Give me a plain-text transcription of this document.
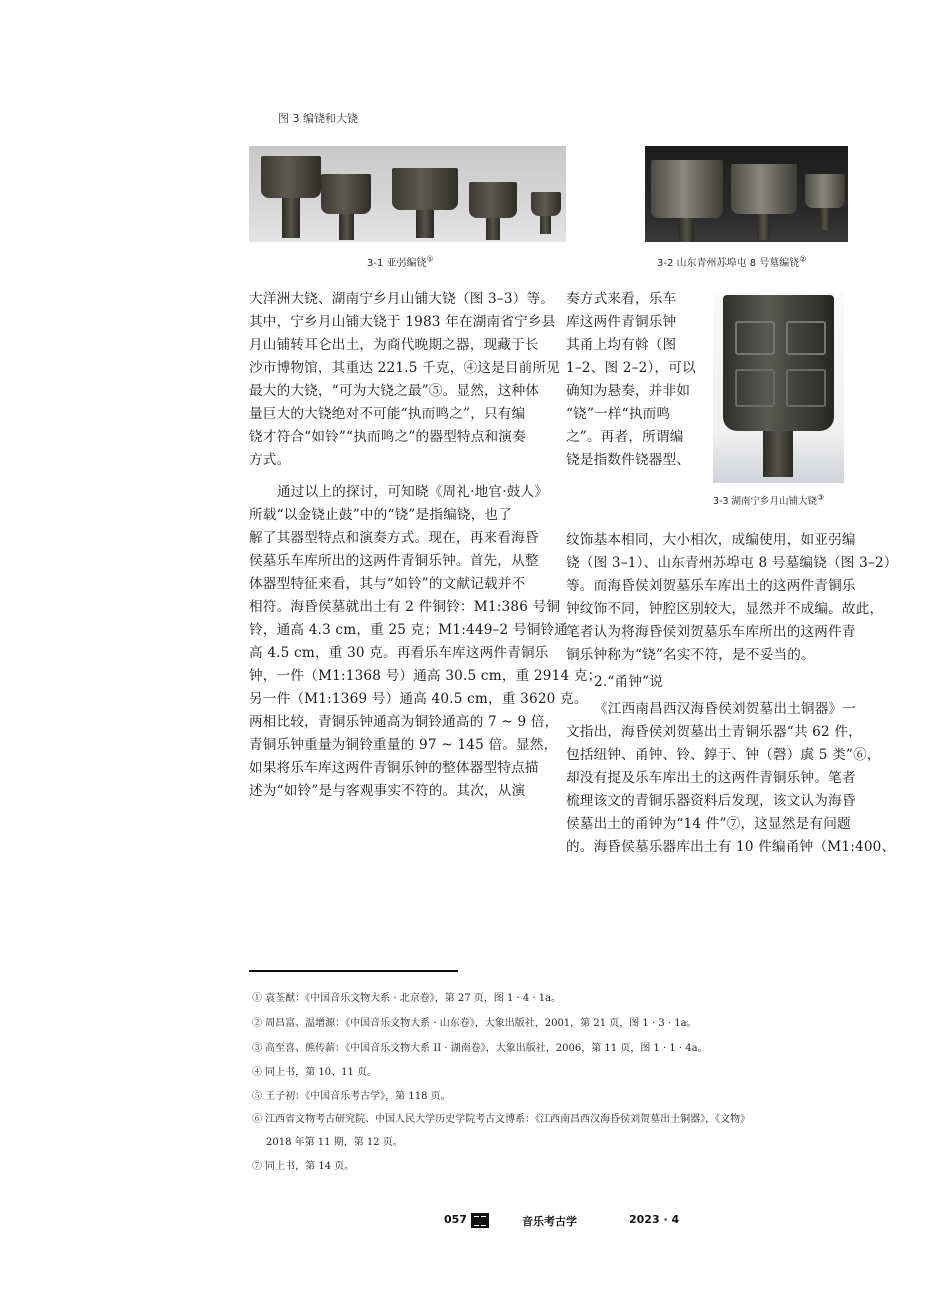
图 3 编铙和大铙
3-1 亚弜编铙①	3-2 山东青州苏埠屯 8 号墓编铙②
3-3 湖南宁乡月山铺大铙③
大洋洲大铙、湖南宁乡月山铺大铙（图 3–3）等。
其中，宁乡月山铺大铙于 1983 年在湖南省宁乡县
月山铺转耳仑出土，为商代晚期之器，现藏于长
沙市博物馆，其重达 221.5 千克，④这是目前所见
最大的大铙，“可为大铙之最”⑤。显然，这种体
量巨大的大铙绝对不可能“执而鸣之”，只有编
铙才符合“如铃”“执而鸣之”的器型特点和演奏
方式。
通过以上的探讨，可知晓《周礼·地官·鼓人》
所载“以金铙止鼓”中的“铙”是指编铙，也了
解了其器型特点和演奏方式。现在，再来看海昏
侯墓乐车库所出的这两件青铜乐钟。首先，从整
体器型特征来看，其与“如铃”的文献记载并不
相符。海昏侯墓就出土有 2 件铜铃：M1:386 号铜
铃，通高 4.3 cm，重 25 克；M1:449–2 号铜铃通
高 4.5 cm，重 30 克。再看乐车库这两件青铜乐
钟，一件（M1:1368 号）通高 30.5 cm，重 2914 克；
另一件（M1:1369 号）通高 40.5 cm，重 3620 克。
两相比较，青铜乐钟通高为铜铃通高的 7 ~ 9 倍，
青铜乐钟重量为铜铃重量的 97 ~ 145 倍。显然，
如果将乐车库这两件青铜乐钟的整体器型特点描
述为“如铃”是与客观事实不符的。其次，从演
奏方式来看，乐车
库这两件青铜乐钟
其甬上均有斡（图
1–2、图 2–2），可以
确知为悬奏，并非如
“铙”一样“执而鸣
之”。再者，所谓编
铙是指数件铙器型、
纹饰基本相同，大小相次，成编使用，如亚弜编
铙（图 3–1）、山东青州苏埠屯 8 号墓编铙（图 3–2）
等。而海昏侯刘贺墓乐车库出土的这两件青铜乐
钟纹饰不同，钟腔区别较大，显然并不成编。故此，
笔者认为将海昏侯刘贺墓乐车库所出的这两件青
铜乐钟称为“铙”名实不符，是不妥当的。
2.“甬钟”说
《江西南昌西汉海昏侯刘贺墓出土铜器》一
文指出，海昏侯刘贺墓出土青铜乐器“共 62 件，
包括纽钟、甬钟、铃、錞于、钟（磬）虡 5 类”⑥，
却没有提及乐车库出土的这两件青铜乐钟。笔者
梳理该文的青铜乐器资料后发现，该文认为海昏
侯墓出土的甬钟为“14 件”⑦，这显然是有问题
的。海昏侯墓乐器库出土有 10 件编甬钟（M1:400、
① 袁荃猷：《中国音乐文物大系 · 北京卷》，第 27 页，图 1 · 4 · 1a。
② 周昌富、温增源：《中国音乐文物大系 · 山东卷》，大象出版社，2001，第 21 页，图 1 · 3 · 1a。
③ 高至喜、熊传薪：《中国音乐文物大系 II · 湖南卷》，大象出版社，2006，第 11 页，图 1 · 1 · 4a。
④ 同上书，第 10、11 页。
⑤ 王子初：《中国音乐考古学》，第 118 页。
⑥ 江西省文物考古研究院、中国人民大学历史学院考古文博系：《江西南昌西汉海昏侯刘贺墓出土铜器》，《文物》
2018 年第 11 期，第 12 页。
⑦ 同上书，第 14 页。
057	音乐考古学	2023 · 4
